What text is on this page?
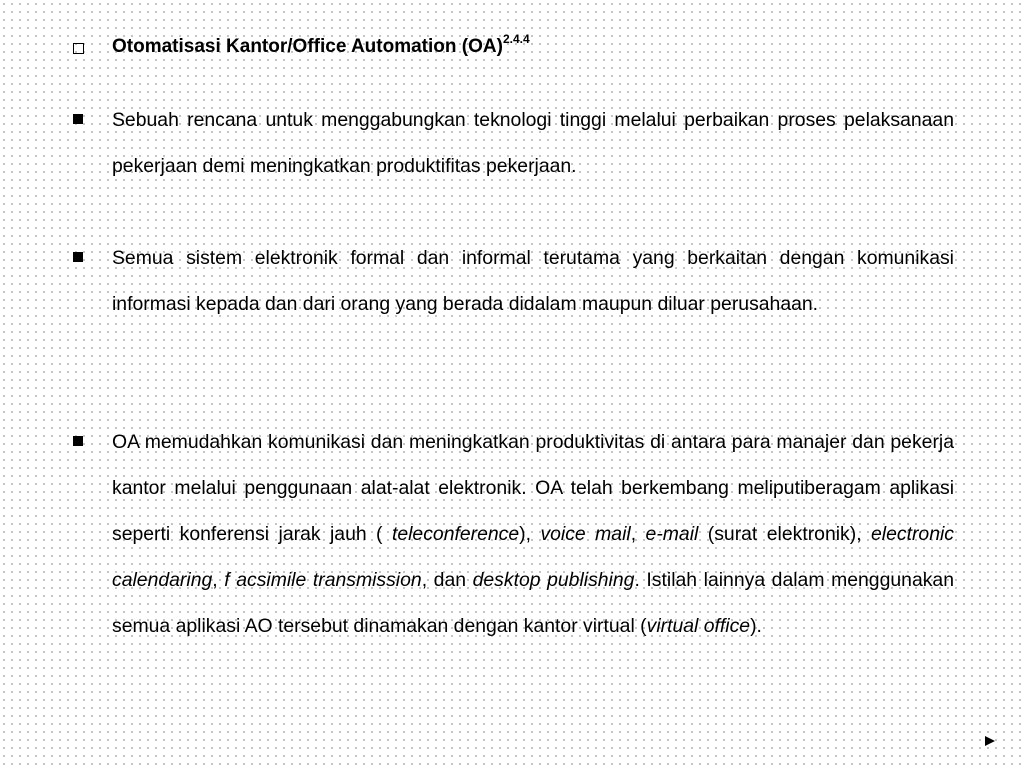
Otomatisasi Kantor/Office Automation (OA)$^{2.4.4}$

Sebuah rencana untuk menggabungkan teknologi tinggi melalui perbaikan proses pelaksanaan pekerjaan demi meningkatkan produktifitas pekerjaan.

Semua sistem elektronik formal dan informal terutama yang berkaitan dengan komunikasi informasi kepada dan dari orang yang berada didalam maupun diluar perusahaan.

OA memudahkan komunikasi dan meningkatkan produktivitas di antara para manajer dan pekerja kantor melalui penggunaan alat-alat elektronik. OA telah berkembang meliputiberagam aplikasi seperti konferensi jarak jauh ( teleconference), voice mail, e-mail (surat elektronik), electronic calendaring, f acsimile transmission, dan desktop publishing. Istilah lainnya dalam menggunakan semua aplikasi AO tersebut dinamakan dengan kantor virtual (virtual office).
